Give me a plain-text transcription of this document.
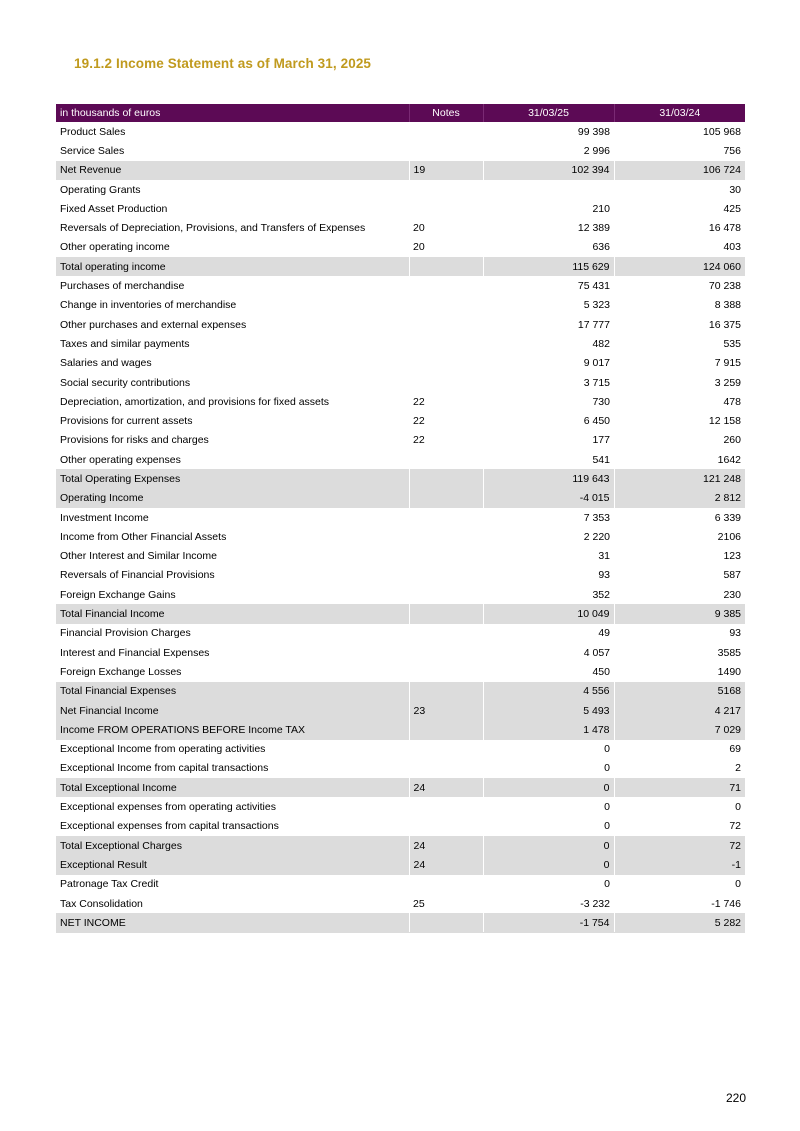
19.1.2 Income Statement as of March 31, 2025
in thousands of euros	Notes	31/03/25	31/03/24
Product Sales		99 398	105 968
Service Sales		2 996	756
Net Revenue	19	102 394	106 724
Operating Grants			30
Fixed Asset Production		210	425
Reversals of Depreciation, Provisions, and Transfers of Expenses	20	12 389	16 478
Other operating income	20	636	403
Total operating income		115 629	124 060
Purchases of merchandise		75 431	70 238
Change in inventories of merchandise		5 323	8 388
Other purchases and external expenses		17 777	16 375
Taxes and similar payments		482	535
Salaries and wages		9 017	7 915
Social security contributions		3 715	3 259
Depreciation, amortization, and provisions for fixed assets	22	730	478
Provisions for current assets	22	6 450	12 158
Provisions for risks and charges	22	177	260
Other operating expenses		541	1642
Total Operating Expenses		119 643	121 248
Operating Income		-4 015	2 812
Investment Income		7 353	6 339
Income from Other Financial Assets		2 220	2106
Other Interest and Similar Income		31	123
Reversals of Financial Provisions		93	587
Foreign Exchange Gains		352	230
Total Financial Income		10 049	9 385
Financial Provision Charges		49	93
Interest and Financial Expenses		4 057	3585
Foreign Exchange Losses		450	1490
Total Financial Expenses		4 556	5168
Net Financial Income	23	5 493	4 217
Income FROM OPERATIONS BEFORE Income TAX		1 478	7 029
Exceptional Income from operating activities		0	69
Exceptional Income from capital transactions		0	2
Total Exceptional Income	24	0	71
Exceptional expenses from operating activities		0	0
Exceptional expenses from capital transactions		0	72
Total Exceptional Charges	24	0	72
Exceptional Result	24	0	-1
Patronage Tax Credit		0	0
Tax Consolidation	25	-3 232	-1 746
NET INCOME		-1 754	5 282
220
